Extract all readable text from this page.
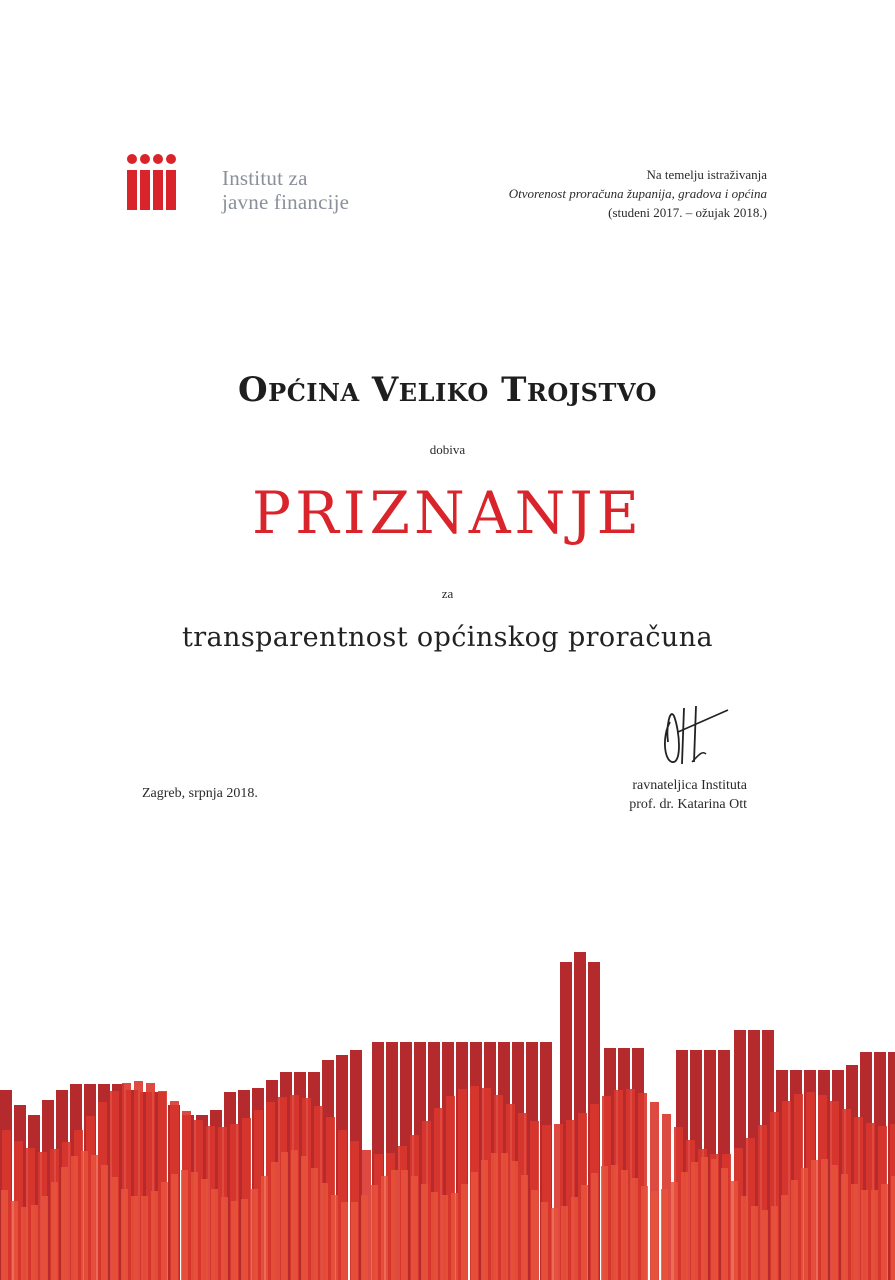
Institut za
javne financije
Na temelju istraživanja
Otvorenost proračuna županija, gradova i općina
(studeni 2017. – ožujak 2018.)
Općina Veliko Trojstvo
dobiva
PRIZNANJE
za
transparentnost općinskog proračuna
Zagreb, srpnja 2018.
ravnateljica Instituta
prof. dr. Katarina Ott
